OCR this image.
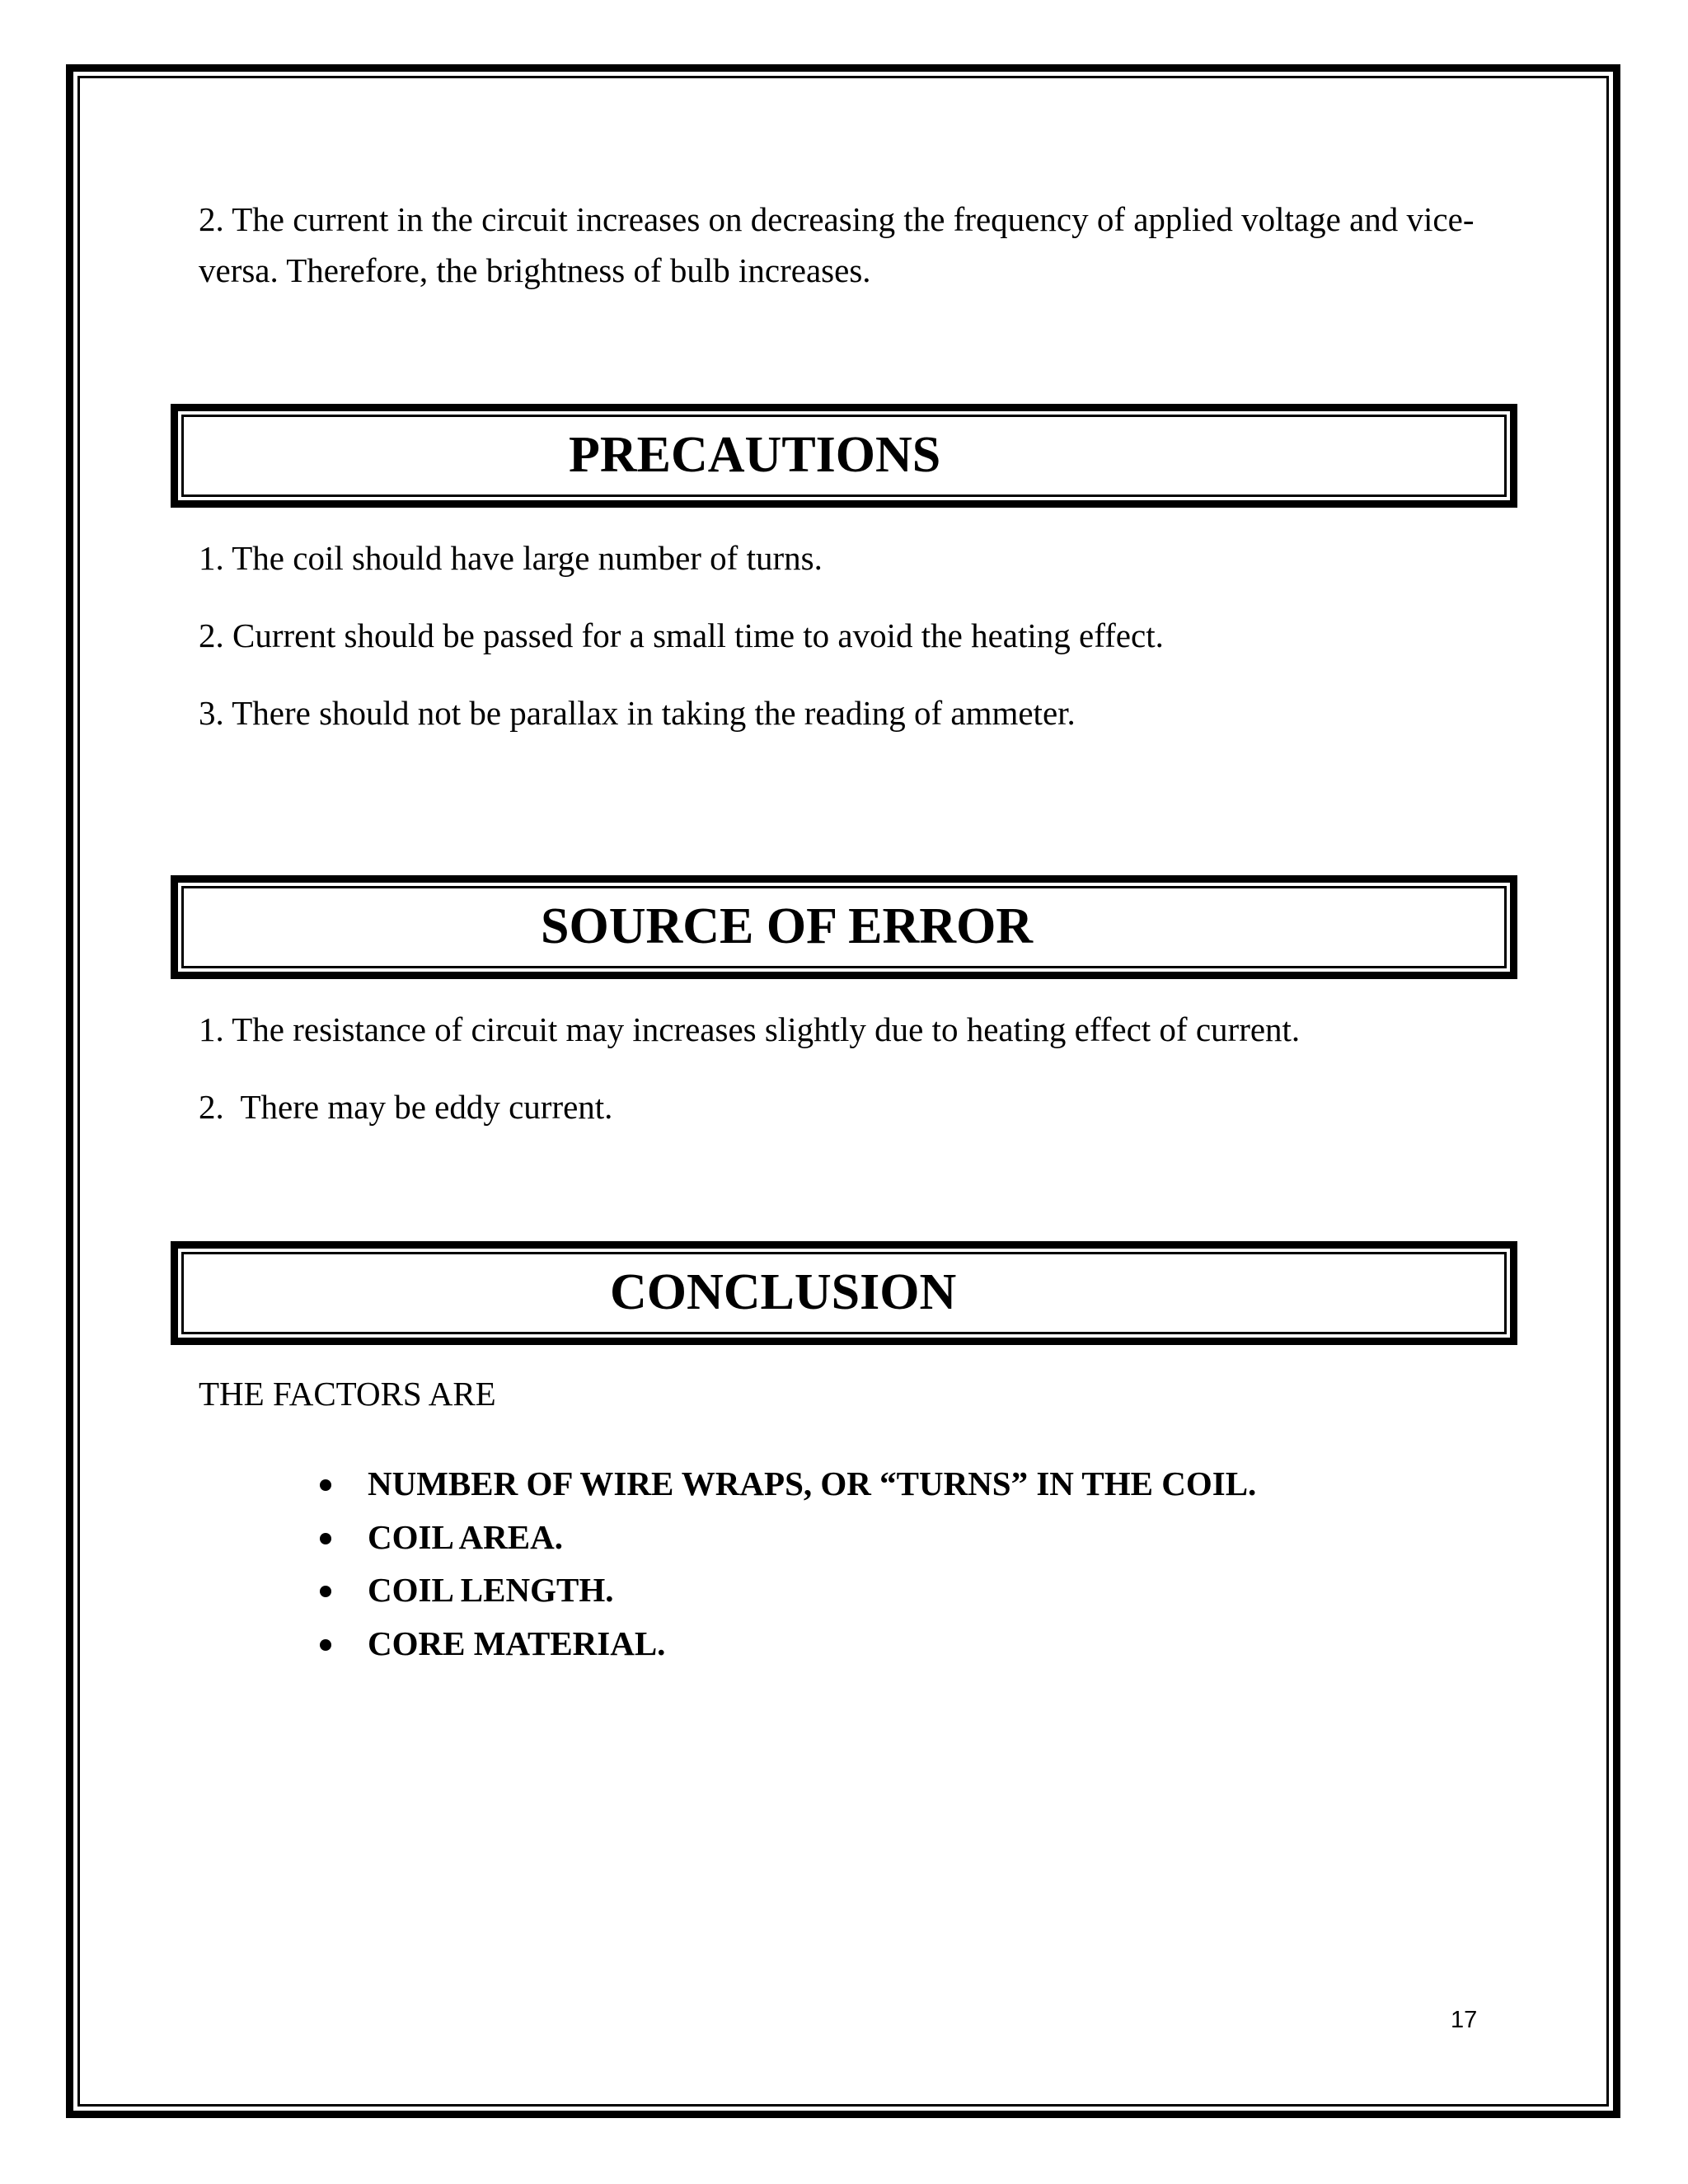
2. The current in the circuit increases on decreasing the frequency of applied voltage and vice-versa. Therefore, the brightness of bulb increases.

PRECAUTIONS

1. The coil should have large number of turns.

2. Current should be passed for a small time to avoid the heating effect.

3. There should not be parallax in taking the reading of ammeter.

SOURCE OF ERROR

1. The resistance of circuit may increases slightly due to heating effect of current.

2.  There may be eddy current.

CONCLUSION

THE FACTORS ARE

NUMBER OF WIRE WRAPS, OR “TURNS” IN THE COIL.
COIL AREA.
COIL LENGTH.
CORE MATERIAL.
17
